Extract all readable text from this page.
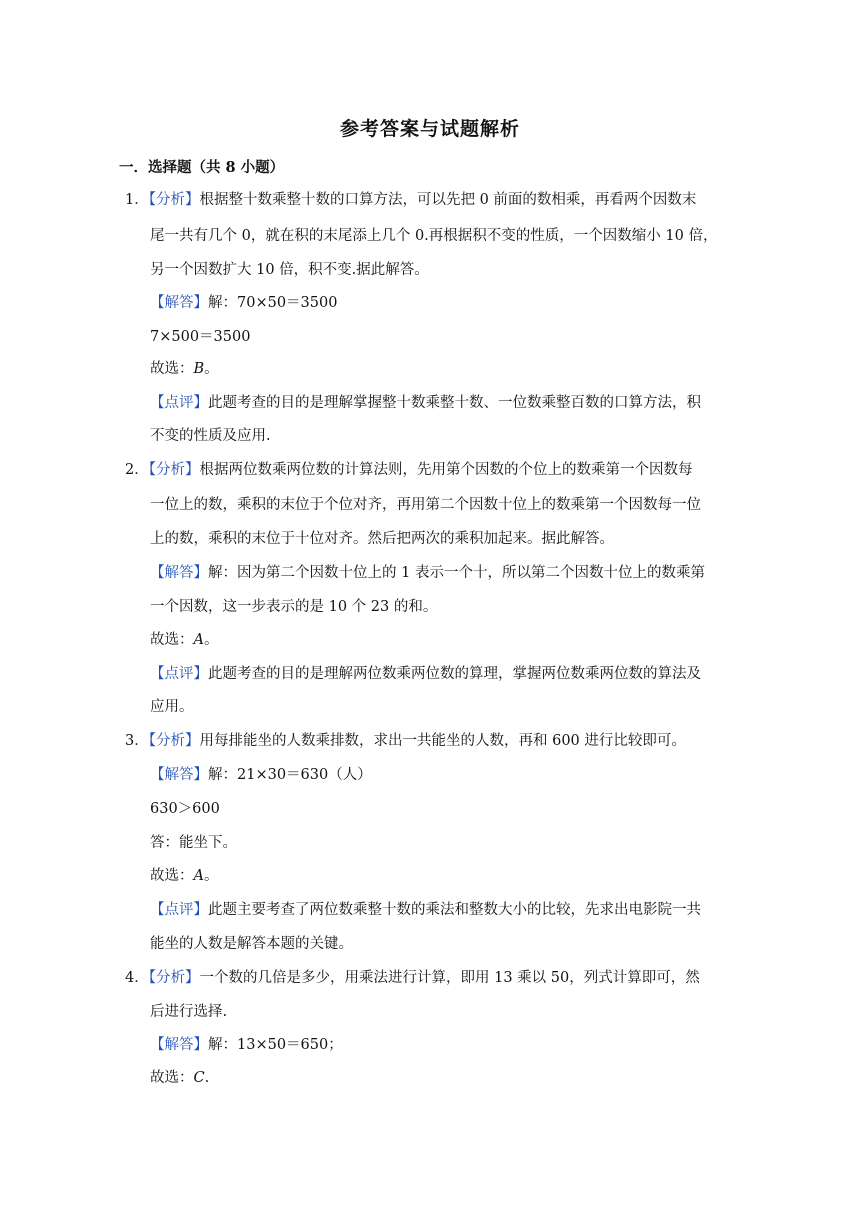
参考答案与试题解析
一．选择题（共 8 小题）
1．【分析】根据整十数乘整十数的口算方法，可以先把 0 前面的数相乘，再看两个因数末
尾一共有几个 0，就在积的末尾添上几个 0.再根据积不变的性质，一个因数缩小 10 倍，
另一个因数扩大 10 倍，积不变.据此解答。
【解答】解：70×50＝3500
7×500＝3500
故选：B。
【点评】此题考查的目的是理解掌握整十数乘整十数、一位数乘整百数的口算方法，积
不变的性质及应用.
2．【分析】根据两位数乘两位数的计算法则，先用第个因数的个位上的数乘第一个因数每
一位上的数，乘积的末位于个位对齐，再用第二个因数十位上的数乘第一个因数每一位
上的数，乘积的末位于十位对齐。然后把两次的乘积加起来。据此解答。
【解答】解：因为第二个因数十位上的 1 表示一个十，所以第二个因数十位上的数乘第
一个因数，这一步表示的是 10 个 23 的和。
故选：A。
【点评】此题考查的目的是理解两位数乘两位数的算理，掌握两位数乘两位数的算法及
应用。
3．【分析】用每排能坐的人数乘排数，求出一共能坐的人数，再和 600 进行比较即可。
【解答】解：21×30＝630（人）
630＞600
答：能坐下。
故选：A。
【点评】此题主要考查了两位数乘整十数的乘法和整数大小的比较，先求出电影院一共
能坐的人数是解答本题的关键。
4．【分析】一个数的几倍是多少，用乘法进行计算，即用 13 乘以 50，列式计算即可，然
后进行选择.
【解答】解：13×50＝650；
故选：C.
